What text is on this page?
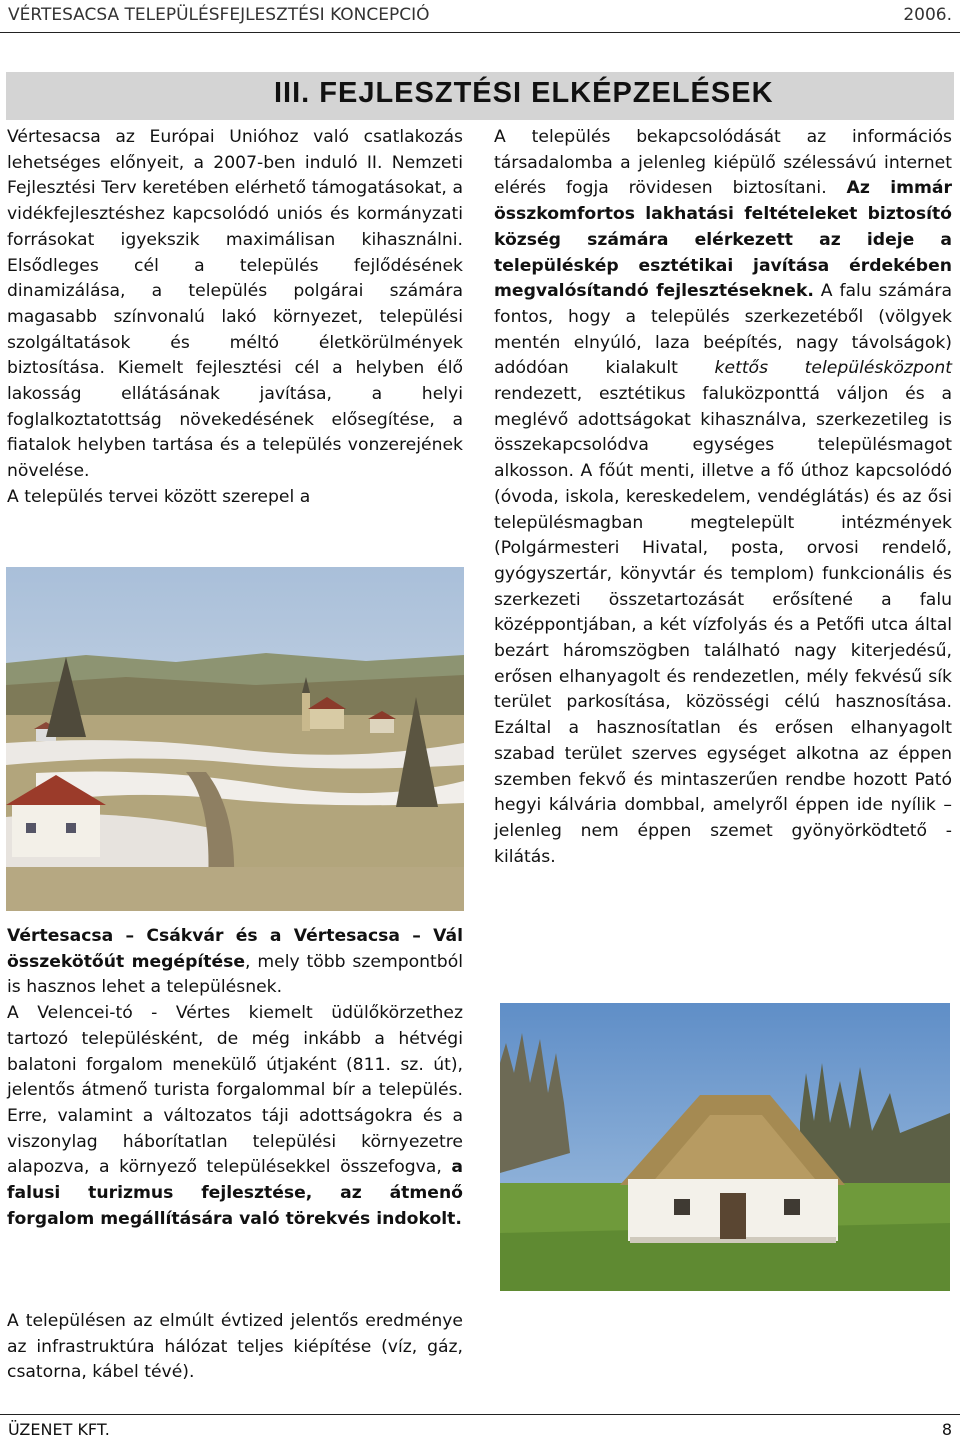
VÉRTESACSA TELEPÜLÉSFEJLESZTÉSI KONCEPCIÓ	2006.
III. FEJLESZTÉSI ELKÉPZELÉSEK

Vértesacsa az Európai Unióhoz való csatlakozás lehetséges előnyeit, a 2007-ben induló II. Nemzeti Fejlesztési Terv keretében elérhető támogatásokat, a vidékfejlesztéshez kapcsolódó uniós és kormányzati forrásokat igyekszik maximálisan kihasználni. Elsődleges cél a település fejlődésének dinamizálása, a település polgárai számára magasabb színvonalú lakó környezet, települési szolgáltatások és méltó életkörülmények biztosítása. Kiemelt fejlesztési cél a helyben élő lakosság ellátásának javítása, a helyi foglalkoztatottság növekedésének elősegítése, a fiatalok helyben tartása és a település vonzerejének növelése.

A település tervei között szerepel a

Vértesacsa – Csákvár és a Vértesacsa – Vál összekötőút megépítése, mely több szempontból is hasznos lehet a településnek.

A Velencei-tó - Vértes kiemelt üdülőkörzethez tartozó településként, de még inkább a hétvégi balatoni forgalom menekülő útjaként (811. sz. út), jelentős átmenő turista forgalommal bír a település. Erre, valamint a változatos táji adottságokra és a viszonylag háborítatlan települési környezetre alapozva, a környező településekkel összefogva, a falusi turizmus fejlesztése, az átmenő forgalom megállítására való törekvés indokolt.

A településen az elmúlt évtized jelentős eredménye az infrastruktúra hálózat teljes kiépítése (víz, gáz, csatorna, kábel tévé).

A település bekapcsolódását az információs társadalomba a jelenleg kiépülő szélessávú internet elérés fogja rövidesen biztosítani. Az immár összkomfortos lakhatási feltételeket biztosító község számára elérkezett az ideje a településkép esztétikai javítása érdekében megvalósítandó fejlesztéseknek. A falu számára fontos, hogy a település szerkezetéből (völgyek mentén elnyúló, laza beépítés, nagy távolságok) adódóan kialakult kettős településközpont rendezett, esztétikus faluközponttá váljon és a meglévő adottságokat kihasználva, szerkezetileg is összekapcsolódva egységes településmagot alkosson. A főút menti, illetve a fő úthoz kapcsolódó (óvoda, iskola, kereskedelem, vendéglátás) és az ősi településmagban megtelepült intézmények (Polgármesteri Hivatal, posta, orvosi rendelő, gyógyszertár, könyvtár és templom) funkcionális és szerkezeti összetartozását erősítené a falu középpontjában, a két vízfolyás és a Petőfi utca által bezárt háromszögben található nagy kiterjedésű, erősen elhanyagolt és rendezetlen, mély fekvésű sík terület parkosítása, közösségi célú hasznosítása. Ezáltal a hasznosítatlan és erősen elhanyagolt szabad terület szerves egységet alkotna az éppen szemben fekvő és mintaszerűen rendbe hozott Pató hegyi kálvária dombbal, amelyről éppen ide nyílik – jelenleg nem éppen szemet gyönyörködtető - kilátás.

ÜZENET KFT.	8
